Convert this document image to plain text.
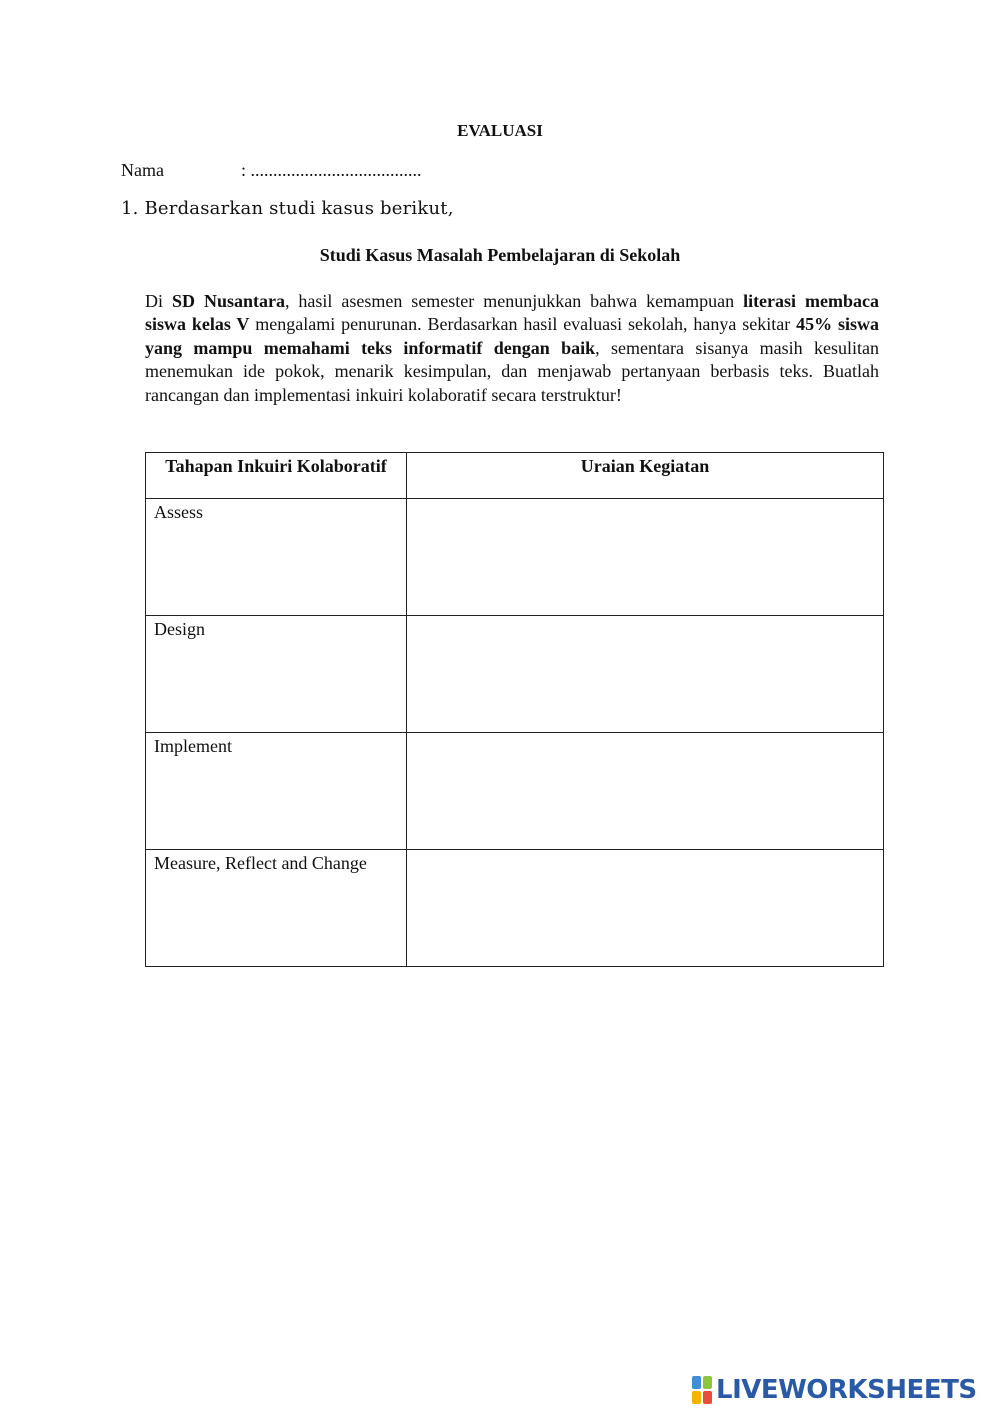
EVALUASI
Nama	: ......................................
1. Berdasarkan studi kasus berikut,
Studi Kasus Masalah Pembelajaran di Sekolah
Di SD Nusantara, hasil asesmen semester menunjukkan bahwa kemampuan literasi membaca siswa kelas V mengalami penurunan. Berdasarkan hasil evaluasi sekolah, hanya sekitar 45% siswa yang mampu memahami teks informatif dengan baik, sementara sisanya masih kesulitan menemukan ide pokok, menarik kesimpulan, dan menjawab pertanyaan berbasis teks. Buatlah rancangan dan implementasi inkuiri kolaboratif secara terstruktur!
Tahapan Inkuiri Kolaboratif	Uraian Kegiatan
Assess	
Design	
Implement	
Measure, Reflect and Change	
LIVEWORKSHEETS
